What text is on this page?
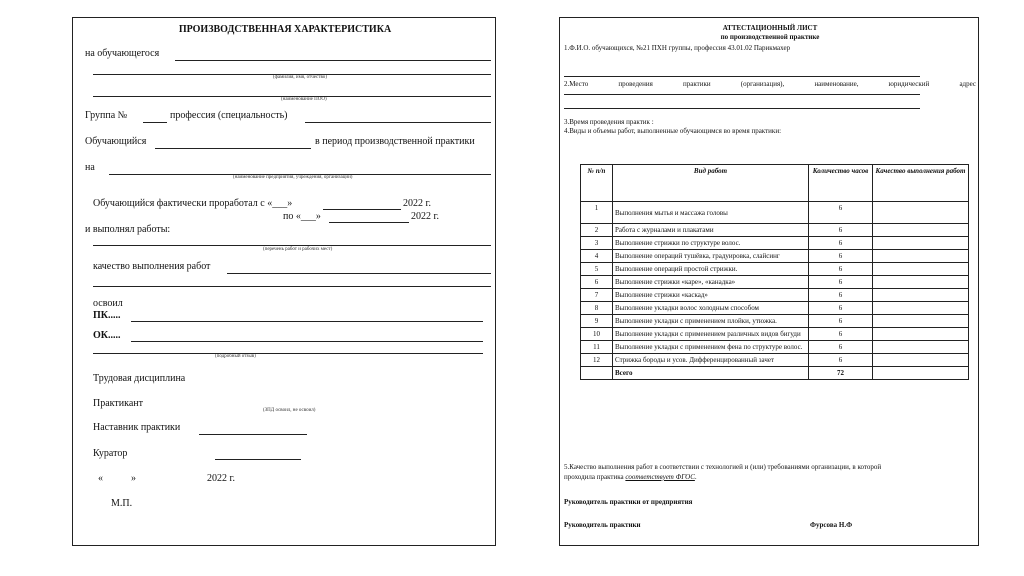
ПРОИЗВОДСТВЕННАЯ ХАРАКТЕРИСТИКА
на обучающегося
(фамилия, имя, отчество)
(наименование ПОО)
Группа №	профессия (специальность)
Обучающийся	в период производственной практики
на
(наименование предприятия, учреждения, организации)
Обучающийся фактически проработал с «___»	2022 г.
по «___»	2022 г.
и выполнял работы:
(перечень работ и рабочих мест)
качество выполнения работ
освоил
ПК.....
ОК.....
(подробный отзыв)
Трудовая дисциплина
Практикант
(ЗПД освоил, не освоил)
Наставник практики
Куратор
«	»	2022 г.
М.П.
АТТЕСТАЦИОННЫЙ ЛИСТ
по производственной практике
1.Ф.И.О. обучающихся, №21 ПХН группы, профессия 43.01.02 Парикмахер
2.Место	проведения	практики	(организация),	наименование,	юридический	адрес
3.Время проведения практик :
4.Виды и объемы работ, выполненные обучающимся во время практики:
№ п/п	Вид работ	Количество часов	Качество выполнения работ
1	Выполнения мытья и массажа головы	6	
2	Работа с журналами и плакатами	6	
3	Выполнение стрижки по структуре волос.	6	
4	Выполнение операций тушёвка, градуировка, слайсинг	6	
5	Выполнение операций простой стрижки.	6	
6	Выполнение стрижки «каре», «канадка»	6	
7	Выполнение стрижки «каскад»	6	
8	Выполнение укладки волос холодным способом	6	
9	Выполнение укладки с применением плойки, утюжка.	6	
10	Выполнение укладки с применением различных видов бигуди	6	
11	Выполнение укладки с применением фена по структуре волос.	6	
12	Стрижка бороды и усов. Дифференцированный зачет	6	
	Всего	72	
5.Качество выполнения работ в соответствии с технологией и (или) требованиями организации, в которой
проходила практика соответствует ФГОС.
Руководитель практики от предприятия
Руководитель практики	Фурсова Н.Ф
